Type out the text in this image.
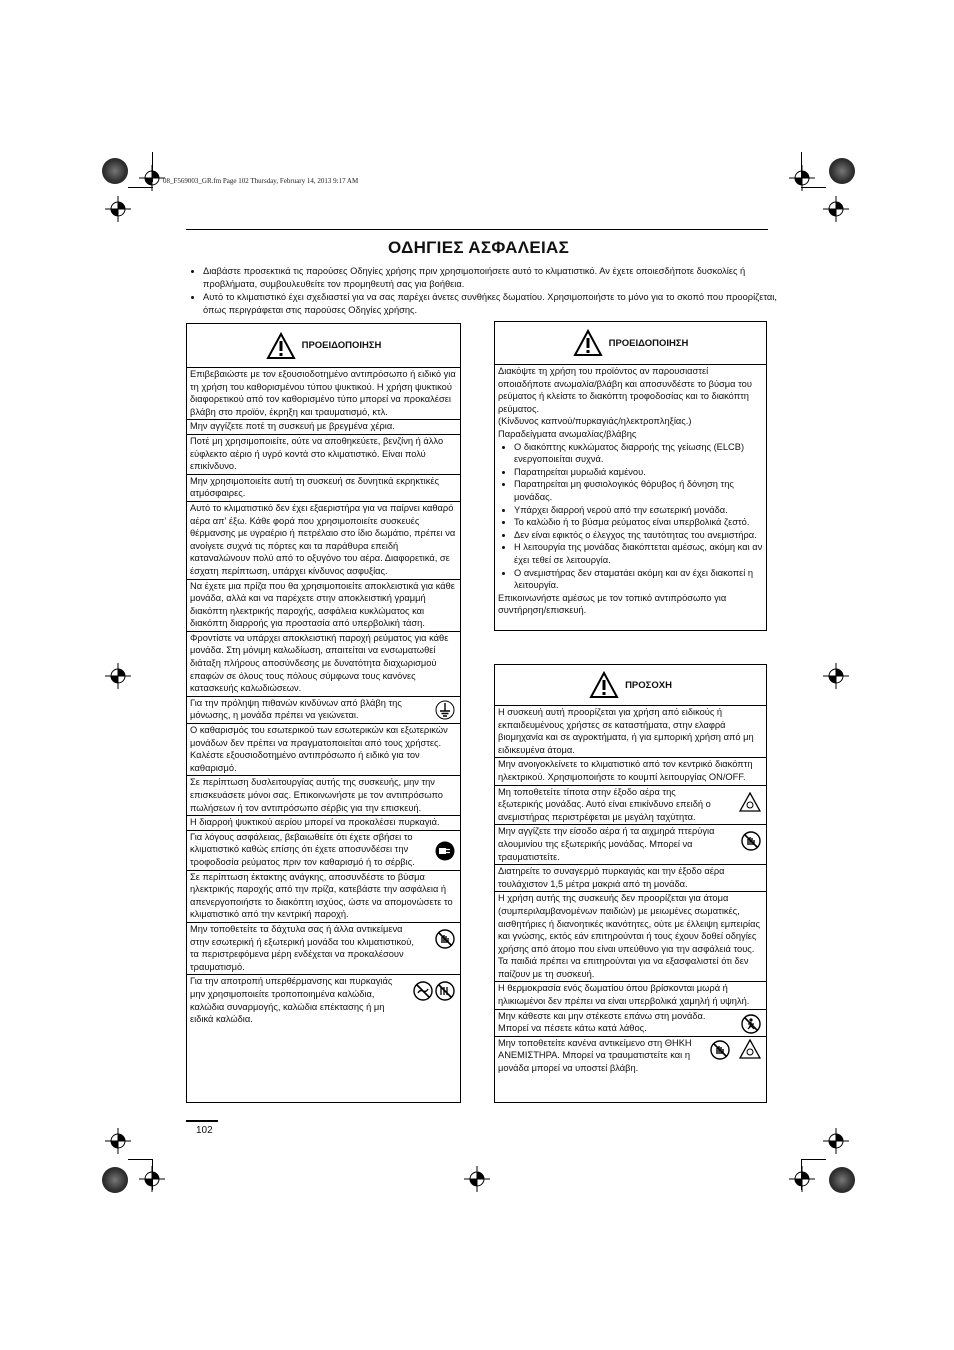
08_F569003_GR.fm Page 102 Thursday, February 14, 2013 9:17 AM
ΟΔΗΓΙΕΣ ΑΣΦΑΛΕΙΑΣ
• Διαβάστε προσεκτικά τις παρούσες Οδηγίες χρήσης πριν χρησιμοποιήσετε αυτό το κλιματιστικό. Αν έχετε οποιεσδήποτε δυσκολίες ή προβλήματα, συμβουλευθείτε τον προμηθευτή σας για βοήθεια.
• Αυτό το κλιματιστικό έχει σχεδιαστεί για να σας παρέχει άνετες συνθήκες δωματίου. Χρησιμοποιήστε το μόνο για το σκοπό που προορίζεται, όπως περιγράφεται στις παρούσες Οδηγίες χρήσης.
ΠΡΟΕΙΔΟΠΟΙΗΣΗ
Επιβεβαιώστε με τον εξουσιοδοτημένο αντιπρόσωπο ή ειδικό για τη χρήση του καθορισμένου τύπου ψυκτικού. Η χρήση ψυκτικού διαφορετικού από τον καθορισμένο τύπο μπορεί να προκαλέσει βλάβη στο προϊόν, έκρηξη και τραυματισμό, κτλ.
Μην αγγίζετε ποτέ τη συσκευή με βρεγμένα χέρια.
Ποτέ μη χρησιμοποιείτε, ούτε να αποθηκεύετε, βενζίνη ή άλλο εύφλεκτο αέριο ή υγρό κοντά στο κλιματιστικό. Είναι πολύ επικίνδυνο.
Μην χρησιμοποιείτε αυτή τη συσκευή σε δυνητικά εκρηκτικές ατμόσφαιρες.
Αυτό το κλιματιστικό δεν έχει εξαεριστήρα για να παίρνει καθαρό αέρα απ' έξω. Κάθε φορά που χρησιμοποιείτε συσκευές θέρμανσης με υγραέριο ή πετρέλαιο στο ίδιο δωμάτιο, πρέπει να ανοίγετε συχνά τις πόρτες και τα παράθυρα επειδή καταναλώνουν πολύ από το οξυγόνο του αέρα. Διαφορετικά, σε έσχατη περίπτωση, υπάρχει κίνδυνος ασφυξίας.
Να έχετε μια πρίζα που θα χρησιμοποιείτε αποκλειστικά για κάθε μονάδα, αλλά και να παρέχετε στην αποκλειστική γραμμή διακόπτη ηλεκτρικής παροχής, ασφάλεια κυκλώματος και διακόπτη διαρροής για προστασία από υπερβολική τάση.
Φροντίστε να υπάρχει αποκλειστική παροχή ρεύματος για κάθε μονάδα. Στη μόνιμη καλωδίωση, απαιτείται να ενσωματωθεί διάταξη πλήρους αποσύνδεσης με δυνατότητα διαχωρισμού επαφών σε όλους τους πόλους σύμφωνα τους κανόνες κατασκευής καλωδιώσεων.
Για την πρόληψη πιθανών κινδύνων από βλάβη της μόνωσης, η μονάδα πρέπει να γειώνεται.
Ο καθαρισμός του εσωτερικού των εσωτερικών και εξωτερικών μονάδων δεν πρέπει να πραγματοποιείται από τους χρήστες. Καλέστε εξουσιοδοτημένο αντιπρόσωπο ή ειδικό για τον καθαρισμό.
Σε περίπτωση δυσλειτουργίας αυτής της συσκευής, μην την επισκευάσετε μόνοι σας. Επικοινωνήστε με τον αντιπρόσωπο πωλήσεων ή τον αντιπρόσωπο σέρβις για την επισκευή.
Η διαρροή ψυκτικού αερίου μπορεί να προκαλέσει πυρκαγιά.
Για λόγους ασφάλειας, βεβαιωθείτε ότι έχετε σβήσει το κλιματιστικό καθώς επίσης ότι έχετε αποσυνδέσει την τροφοδοσία ρεύματος πριν τον καθαρισμό ή το σέρβις.
Σε περίπτωση έκτακτης ανάγκης, αποσυνδέστε το βύσμα ηλεκτρικής παροχής από την πρίζα, κατεβάστε την ασφάλεια ή απενεργοποιήστε το διακόπτη ισχύος, ώστε να απομονώσετε το κλιματιστικό από την κεντρική παροχή.
Μην τοποθετείτε τα δάχτυλα σας ή άλλα αντικείμενα στην εσωτερική ή εξωτερική μονάδα του κλιματιστικού, τα περιστρεφόμενα μέρη ενδέχεται να προκαλέσουν τραυματισμό.
Για την αποτροπή υπερθέρμανσης και πυρκαγιάς μην χρησιμοποιείτε τροποποιημένα καλώδια, καλώδια συναρμογής, καλώδια επέκτασης ή μη ειδικά καλώδια.
ΠΡΟΕΙΔΟΠΟΙΗΣΗ
Διακόψτε τη χρήση του προϊόντος αν παρουσιαστεί οποιαδήποτε ανωμαλία/βλάβη και αποσυνδέστε το βύσμα του ρεύματος ή κλείστε το διακόπτη τροφοδοσίας και το διακόπτη ρεύματος.
(Κίνδυνος καπνού/πυρκαγιάς/ηλεκτροπληξίας.)
Παραδείγματα ανωμαλίας/βλάβης
• Ο διακόπτης κυκλώματος διαρροής της γείωσης (ELCB) ενεργοποιείται συχνά.
• Παρατηρείται μυρωδιά καμένου.
• Παρατηρείται μη φυσιολογικός θόρυβος ή δόνηση της μονάδας.
• Υπάρχει διαρροή νερού από την εσωτερική μονάδα.
• Το καλώδιο ή το βύσμα ρεύματος είναι υπερβολικά ζεστό.
• Δεν είναι εφικτός ο έλεγχος της ταυτότητας του ανεμιστήρα.
• Η λειτουργία της μονάδας διακόπτεται αμέσως, ακόμη και αν έχει τεθεί σε λειτουργία.
• Ο ανεμιστήρας δεν σταματάει ακόμη και αν έχει διακοπεί η λειτουργία.
Επικοινωνήστε αμέσως με τον τοπικό αντιπρόσωπο για συντήρηση/επισκευή.
ΠΡΟΣΟΧΗ
Η συσκευή αυτή προορίζεται για χρήση από ειδικούς ή εκπαιδευμένους χρήστες σε καταστήματα, στην ελαφρά βιομηχανία και σε αγροκτήματα, ή για εμπορική χρήση από μη ειδικευμένα άτομα.
Μην ανοιγοκλείνετε το κλιματιστικό από τον κεντρικό διακόπτη ηλεκτρικού. Χρησιμοποιήστε το κουμπί λειτουργίας ON/OFF.
Μη τοποθετείτε τίποτα στην έξοδο αέρα της εξωτερικής μονάδας. Αυτό είναι επικίνδυνο επειδή ο ανεμιστήρας περιστρέφεται με μεγάλη ταχύτητα.
Μην αγγίζετε την είσοδο αέρα ή τα αιχμηρά πτερύγια αλουμινίου της εξωτερικής μονάδας. Μπορεί να τραυματιστείτε.
Διατηρείτε το συναγερμό πυρκαγιάς και την έξοδο αέρα τουλάχιστον 1,5 μέτρα μακριά από τη μονάδα.
Η χρήση αυτής της συσκευής δεν προορίζεται για άτομα (συμπεριλαμβανομένων παιδιών) με μειωμένες σωματικές, αισθητήριες ή διανοητικές ικανότητες, ούτε με έλλειψη εμπειρίας και γνώσης, εκτός εάν επιτηρούνται ή τους έχουν δοθεί οδηγίες χρήσης από άτομο που είναι υπεύθυνο για την ασφάλειά τους. Τα παιδιά πρέπει να επιτηρούνται για να εξασφαλιστεί ότι δεν παίζουν με τη συσκευή.
Η θερμοκρασία ενός δωματίου όπου βρίσκονται μωρά ή ηλικιωμένοι δεν πρέπει να είναι υπερβολικά χαμηλή ή υψηλή.
Μην κάθεστε και μην στέκεστε επάνω στη μονάδα. Μπορεί να πέσετε κάτω κατά λάθος.
Μην τοποθετείτε κανένα αντικείμενο στη ΘΗΚΗ ΑΝΕΜΙΣΤΗΡΑ. Μπορεί να τραυματιστείτε και η μονάδα μπορεί να υποστεί βλάβη.
102
